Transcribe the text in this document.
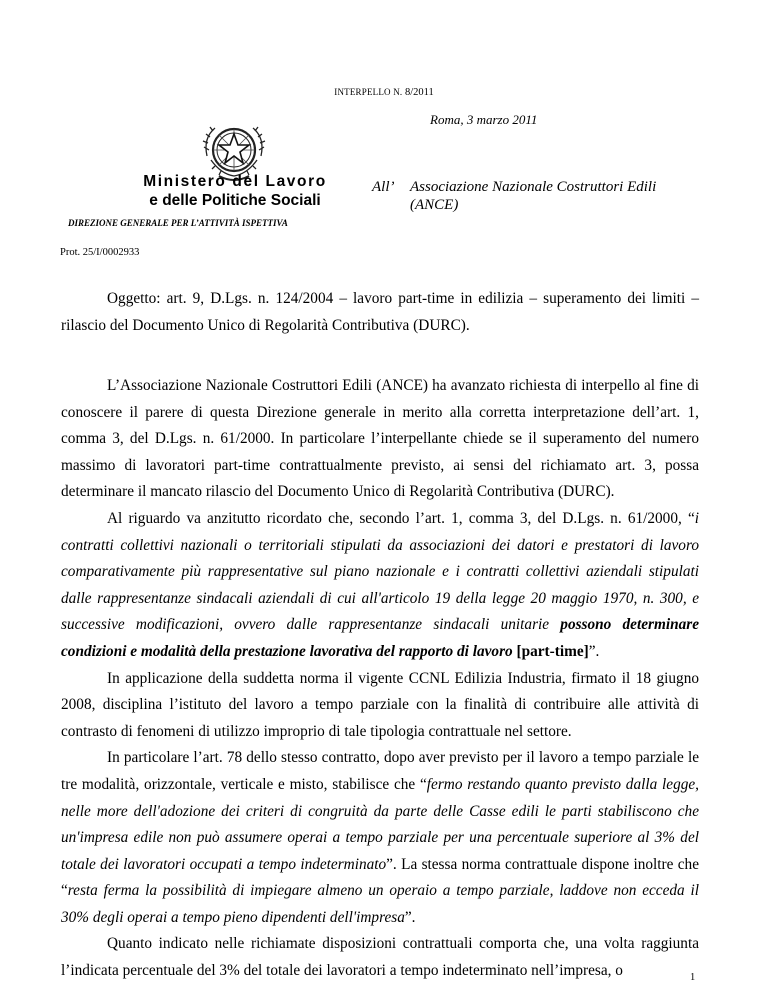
INTERPELLO N. 8/2011
Roma, 3 marzo 2011
Ministero del Lavoro
e delle Politiche Sociali
All’ Associazione Nazionale Costruttori Edili
(ANCE)
DIREZIONE GENERALE PER L’ATTIVITÀ ISPETTIVA
Prot. 25/I/0002933

Oggetto: art. 9, D.Lgs. n. 124/2004 – lavoro part-time in edilizia – superamento dei limiti – rilascio del Documento Unico di Regolarità Contributiva (DURC).

L’Associazione Nazionale Costruttori Edili (ANCE) ha avanzato richiesta di interpello al fine di conoscere il parere di questa Direzione generale in merito alla corretta interpretazione dell’art. 1, comma 3, del D.Lgs. n. 61/2000. In particolare l’interpellante chiede se il superamento del numero massimo di lavoratori part-time contrattualmente previsto, ai sensi del richiamato art. 3, possa determinare il mancato rilascio del Documento Unico di Regolarità Contributiva (DURC).

Al riguardo va anzitutto ricordato che, secondo l’art. 1, comma 3, del D.Lgs. n. 61/2000, “i contratti collettivi nazionali o territoriali stipulati da associazioni dei datori e prestatori di lavoro comparativamente più rappresentative sul piano nazionale e i contratti collettivi aziendali stipulati dalle rappresentanze sindacali aziendali di cui all'articolo 19 della legge 20 maggio 1970, n. 300, e successive modificazioni, ovvero dalle rappresentanze sindacali unitarie possono determinare condizioni e modalità della prestazione lavorativa del rapporto di lavoro [part-time]”.

In applicazione della suddetta norma il vigente CCNL Edilizia Industria, firmato il 18 giugno 2008, disciplina l’istituto del lavoro a tempo parziale con la finalità di contribuire alle attività di contrasto di fenomeni di utilizzo improprio di tale tipologia contrattuale nel settore.

In particolare l’art. 78 dello stesso contratto, dopo aver previsto per il lavoro a tempo parziale le tre modalità, orizzontale, verticale e misto, stabilisce che “fermo restando quanto previsto dalla legge, nelle more dell'adozione dei criteri di congruità da parte delle Casse edili le parti stabiliscono che un'impresa edile non può assumere operai a tempo parziale per una percentuale superiore al 3% del totale dei lavoratori occupati a tempo indeterminato”. La stessa norma contrattuale dispone inoltre che “resta ferma la possibilità di impiegare almeno un operaio a tempo parziale, laddove non ecceda il 30% degli operai a tempo pieno dipendenti dell'impresa”.

Quanto indicato nelle richiamate disposizioni contrattuali comporta che, una volta raggiunta l’indicata percentuale del 3% del totale dei lavoratori a tempo indeterminato nell’impresa, o	1
